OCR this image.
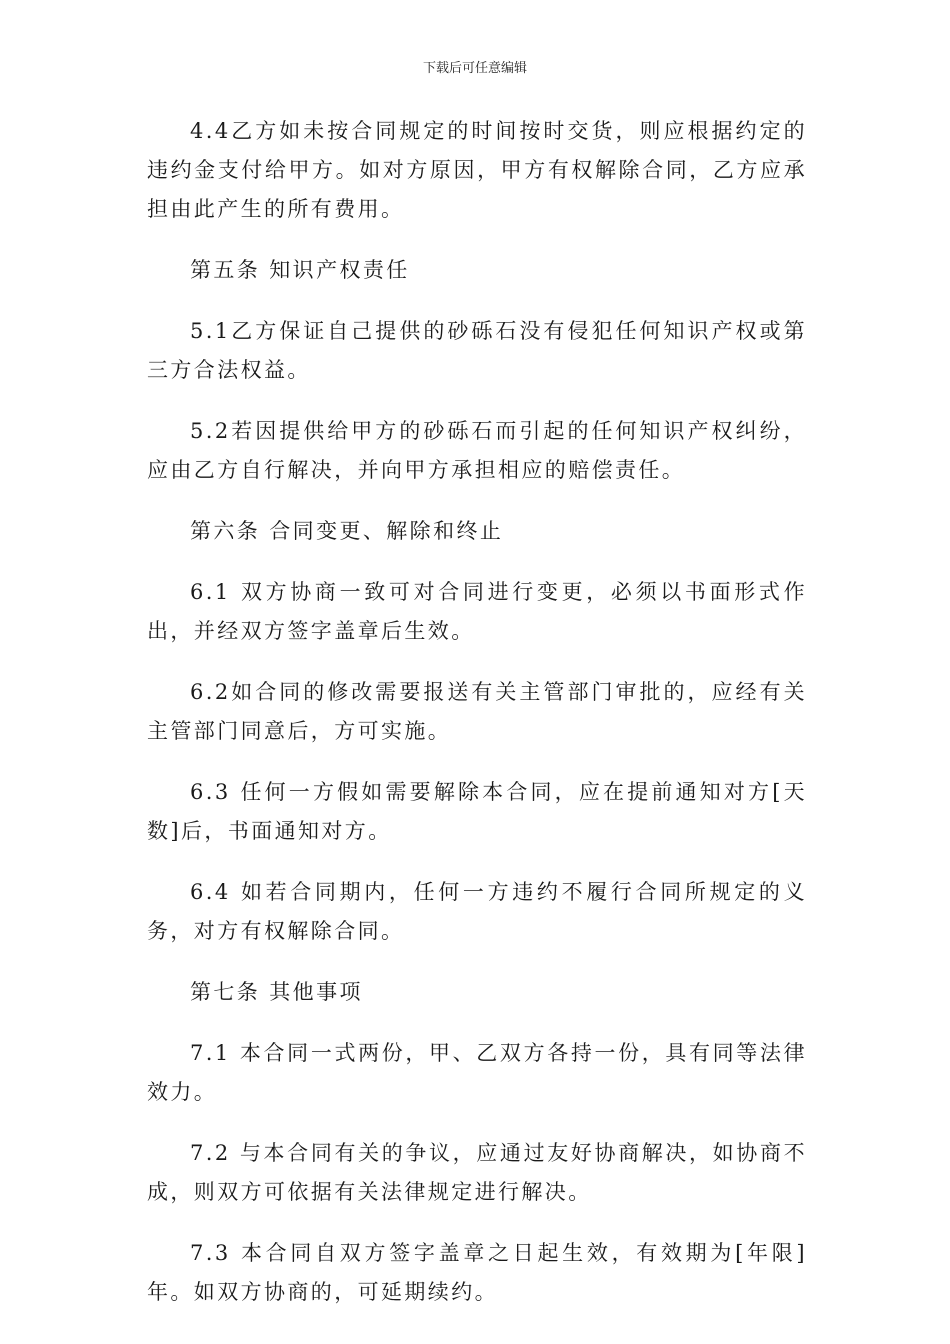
下载后可任意编辑

4.4乙方如未按合同规定的时间按时交货，则应根据约定的违约金支付给甲方。如对方原因，甲方有权解除合同，乙方应承担由此产生的所有费用。

第五条 知识产权责任

5.1乙方保证自己提供的砂砾石没有侵犯任何知识产权或第三方合法权益。

5.2若因提供给甲方的砂砾石而引起的任何知识产权纠纷，应由乙方自行解决，并向甲方承担相应的赔偿责任。

第六条 合同变更、解除和终止

6.1 双方协商一致可对合同进行变更，必须以书面形式作出，并经双方签字盖章后生效。

6.2如合同的修改需要报送有关主管部门审批的，应经有关主管部门同意后，方可实施。

6.3 任何一方假如需要解除本合同，应在提前通知对方[天数]后，书面通知对方。

6.4 如若合同期内，任何一方违约不履行合同所规定的义务，对方有权解除合同。

第七条 其他事项

7.1 本合同一式两份，甲、乙双方各持一份，具有同等法律效力。

7.2 与本合同有关的争议，应通过友好协商解决，如协商不成，则双方可依据有关法律规定进行解决。

7.3 本合同自双方签字盖章之日起生效，有效期为[年限]年。如双方协商的，可延期续约。
